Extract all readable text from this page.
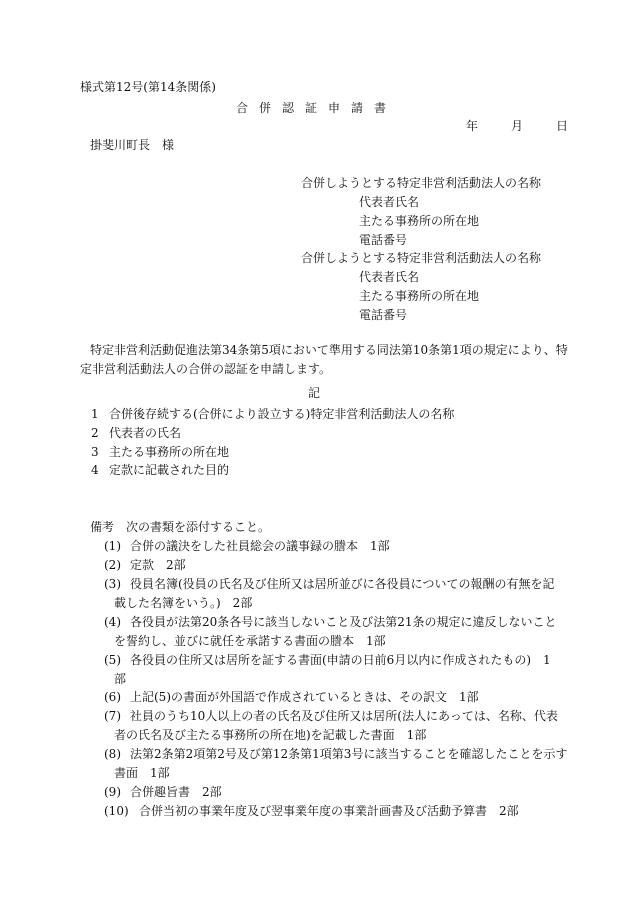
様式第12号(第14条関係)
合併認証申請書
年	月	日
掛斐川町長　様
合併しようとする特定非営利活動法人の名称
代表者氏名
主たる事務所の所在地
電話番号
合併しようとする特定非営利活動法人の名称
代表者氏名
主たる事務所の所在地
電話番号
特定非営利活動促進法第34条第5項において準用する同法第10条第1項の規定により、特
定非営利活動法人の合併の認証を申請します。
記
1 合併後存続する(合併により設立する)特定非営利活動法人の名称
2 代表者の氏名
3 主たる事務所の所在地
4 定款に記載された目的
備考　次の書類を添付すること。
(1) 合併の議決をした社員総会の議事録の謄本　1部
(2) 定款　2部
(3) 役員名簿(役員の氏名及び住所又は居所並びに各役員についての報酬の有無を記
載した名簿をいう。)　2部
(4) 各役員が法第20条各号に該当しないこと及び法第21条の規定に違反しないこと
を誓約し、並びに就任を承諾する書面の謄本　1部
(5) 各役員の住所又は居所を証する書面(申請の日前6月以内に作成されたもの)　1
部
(6) 上記(5)の書面が外国語で作成されているときは、その訳文　1部
(7) 社員のうち10人以上の者の氏名及び住所又は居所(法人にあっては、名称、代表
者の氏名及び主たる事務所の所在地)を記載した書面　1部
(8) 法第2条第2項第2号及び第12条第1項第3号に該当することを確認したことを示す
書面　1部
(9) 合併趣旨書　2部
(10) 合併当初の事業年度及び翌事業年度の事業計画書及び活動予算書　2部
